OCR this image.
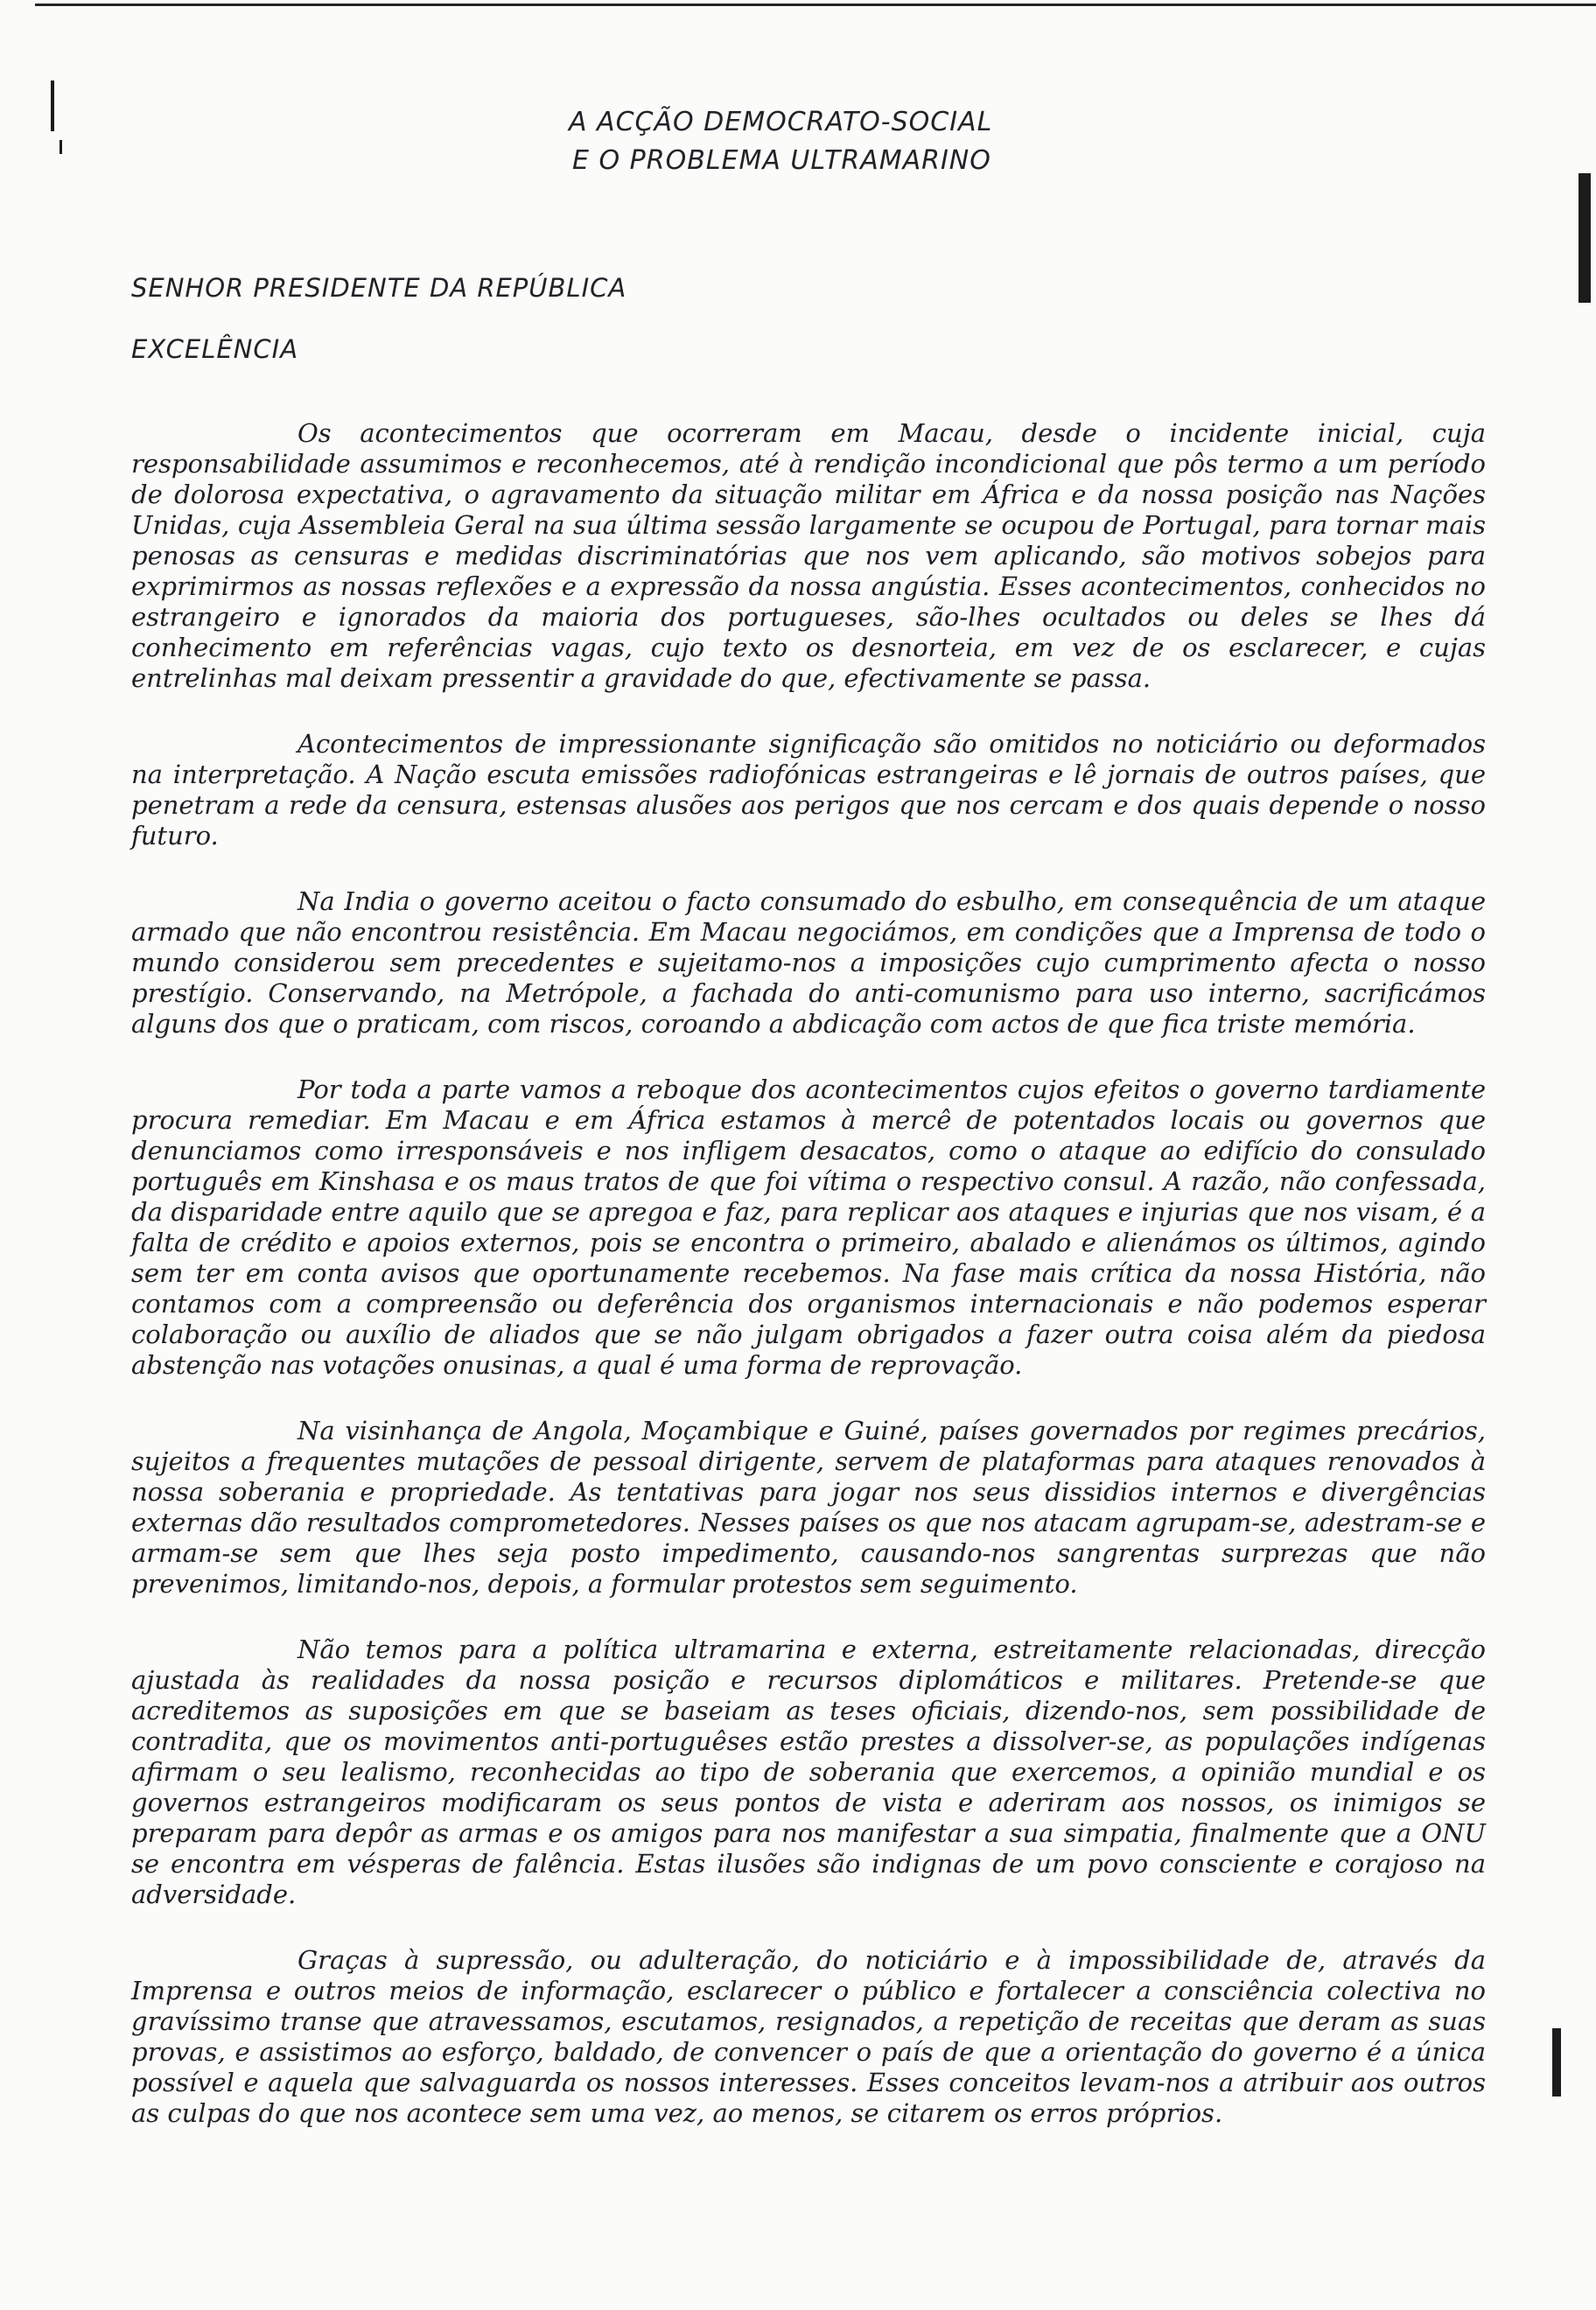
A ACÇÃO DEMOCRATO-SOCIAL
E O PROBLEMA ULTRAMARINO
SENHOR PRESIDENTE DA REPÚBLICA
EXCELÊNCIA

Os acontecimentos que ocorreram em Macau, desde o incidente inicial, cuja responsabilidade assumimos e reconhecemos, até à rendição incondicional que pôs termo a um período de dolorosa expectativa, o agravamento da situação militar em África e da nossa posição nas Nações Unidas, cuja Assembleia Geral na sua última sessão largamente se ocupou de Portugal, para tornar mais penosas as censuras e medidas discriminatórias que nos vem aplicando, são motivos sobejos para exprimirmos as nossas reflexões e a expressão da nossa angústia. Esses acontecimentos, conhecidos no estrangeiro e ignorados da maioria dos portugueses, são-lhes ocultados ou deles se lhes dá conhecimento em referências vagas, cujo texto os desnorteia, em vez de os esclarecer, e cujas entrelinhas mal deixam pressentir a gravidade do que, efectivamente se passa.

Acontecimentos de impressionante significação são omitidos no noticiário ou deformados na interpretação. A Nação escuta emissões radiofónicas estrangeiras e lê jornais de outros países, que penetram a rede da censura, estensas alusões aos perigos que nos cercam e dos quais depende o nosso futuro.

Na India o governo aceitou o facto consumado do esbulho, em consequência de um ataque armado que não encontrou resistência. Em Macau negociámos, em condições que a Imprensa de todo o mundo considerou sem precedentes e sujeitamo-nos a imposições cujo cumprimento afecta o nosso prestígio. Conservando, na Metrópole, a fachada do anti-comunismo para uso interno, sacrificámos alguns dos que o praticam, com riscos, coroando a abdicação com actos de que fica triste memória.

Por toda a parte vamos a reboque dos acontecimentos cujos efeitos o governo tardiamente procura remediar. Em Macau e em África estamos à mercê de potentados locais ou governos que denunciamos como irresponsáveis e nos infligem desacatos, como o ataque ao edifício do consulado português em Kinshasa e os maus tratos de que foi vítima o respectivo consul. A razão, não confessada, da disparidade entre aquilo que se apregoa e faz, para replicar aos ataques e injurias que nos visam, é a falta de crédito e apoios externos, pois se encontra o primeiro, abalado e alienámos os últimos, agindo sem ter em conta avisos que oportunamente recebemos. Na fase mais crítica da nossa História, não contamos com a compreensão ou deferência dos organismos internacionais e não podemos esperar colaboração ou auxílio de aliados que se não julgam obrigados a fazer outra coisa além da piedosa abstenção nas votações onusinas, a qual é uma forma de reprovação.

Na visinhança de Angola, Moçambique e Guiné, países governados por regimes precários, sujeitos a frequentes mutações de pessoal dirigente, servem de plataformas para ataques renovados à nossa soberania e propriedade. As tentativas para jogar nos seus dissidios internos e divergências externas dão resultados comprometedores. Nesses países os que nos atacam agrupam-se, adestram-se e armam-se sem que lhes seja posto impedimento, causando-nos sangrentas surprezas que não prevenimos, limitando-nos, depois, a formular protestos sem seguimento.

Não temos para a política ultramarina e externa, estreitamente relacionadas, direcção ajustada às realidades da nossa posição e recursos diplomáticos e militares. Pretende-se que acreditemos as suposições em que se baseiam as teses oficiais, dizendo-nos, sem possibilidade de contradita, que os movimentos anti-portuguêses estão prestes a dissolver-se, as populações indígenas afirmam o seu lealismo, reconhecidas ao tipo de soberania que exercemos, a opinião mundial e os governos estrangeiros modificaram os seus pontos de vista e aderiram aos nossos, os inimigos se preparam para depôr as armas e os amigos para nos manifestar a sua simpatia, finalmente que a ONU se encontra em vésperas de falência. Estas ilusões são indignas de um povo consciente e corajoso na adversidade.

Graças à supressão, ou adulteração, do noticiário e à impossibilidade de, através da Imprensa e outros meios de informação, esclarecer o público e fortalecer a consciência colectiva no gravíssimo transe que atravessamos, escutamos, resignados, a repetição de receitas que deram as suas provas, e assistimos ao esforço, baldado, de convencer o país de que a orientação do governo é a única possível e aquela que salvaguarda os nossos interesses. Esses conceitos levam-nos a atribuir aos outros as culpas do que nos acontece sem uma vez, ao menos, se citarem os erros próprios.
